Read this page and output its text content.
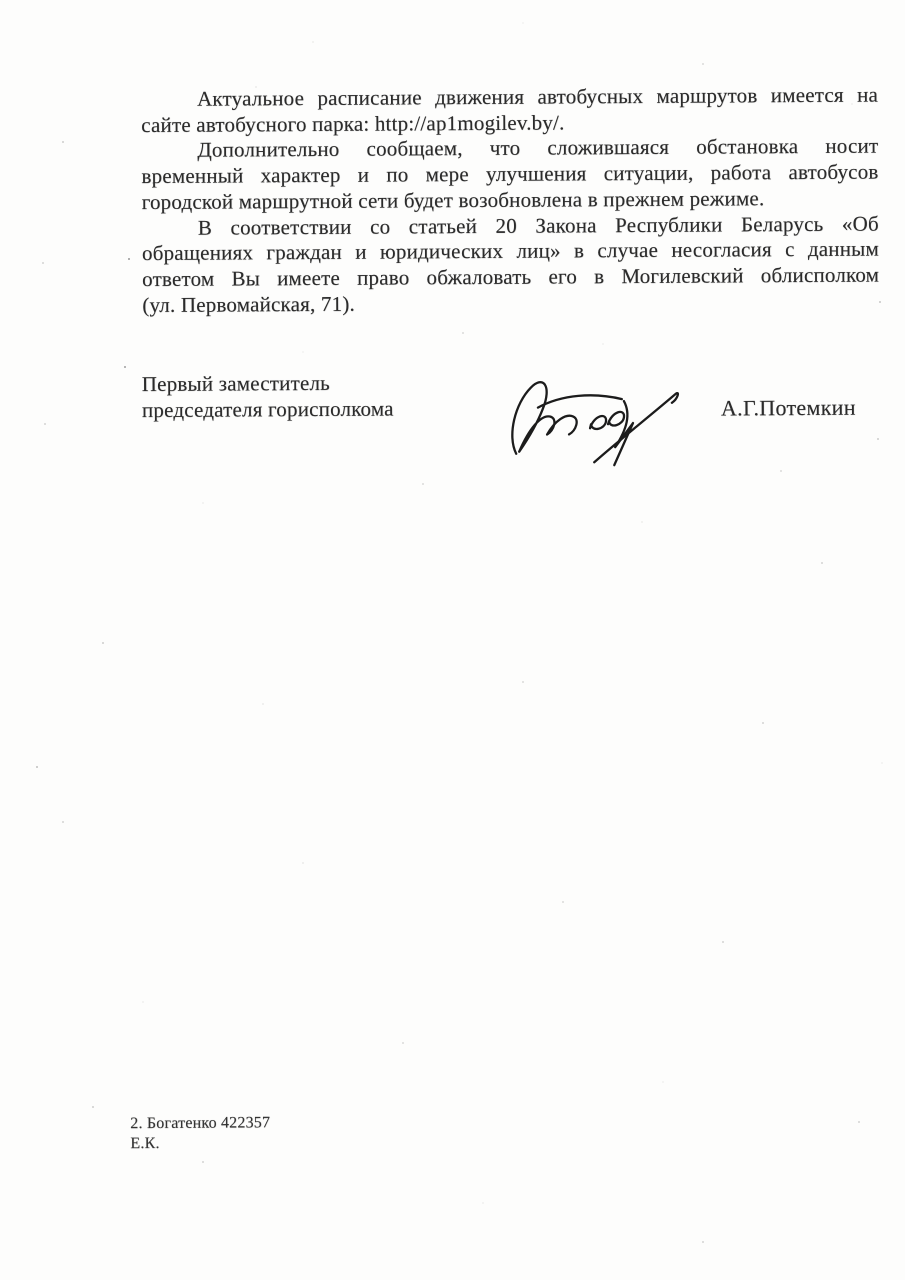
Актуальное расписание движения автобусных маршрутов имеется на
сайте автобусного парка: http://ap1mogilev.by/.
Дополнительно сообщаем, что сложившаяся обстановка носит
временный характер и по мере улучшения ситуации, работа автобусов
городской маршрутной сети будет возобновлена в прежнем режиме.
В соответствии со статьей 20 Закона Республики Беларусь «Об
обращениях граждан и юридических лиц» в случае несогласия с данным
ответом Вы имеете право обжаловать его в Могилевский облисполком
(ул. Первомайская, 71).
Первый заместитель
председателя горисполкома	А.Г.Потемкин
2. Богатенко 422357
Е.К.
